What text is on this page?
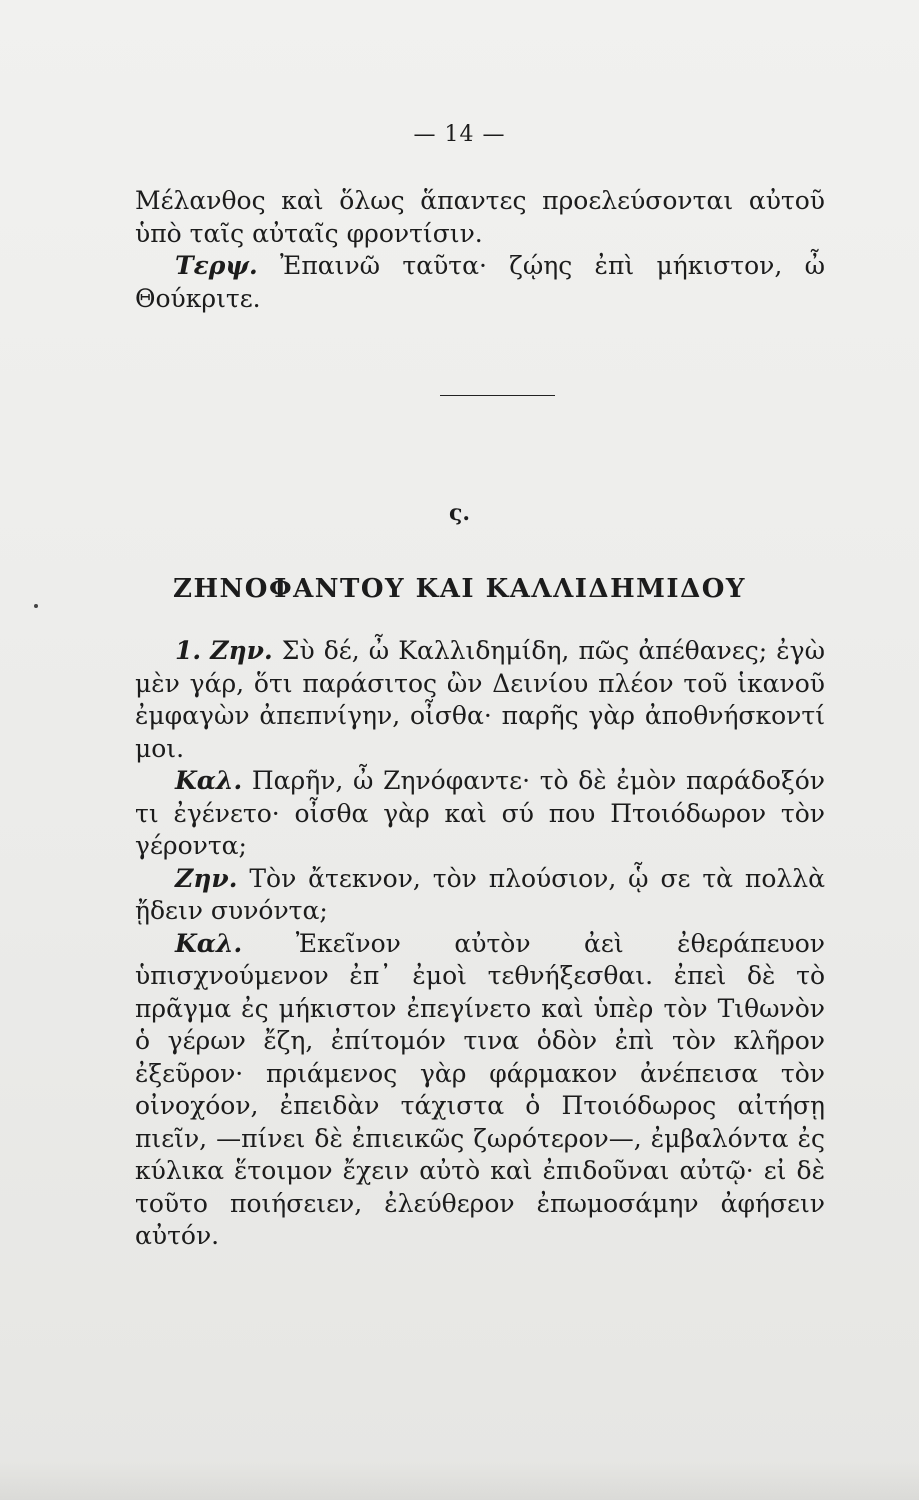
— 14 —

Μέλανθος καὶ ὅλως ἅπαντες προελεύσονται αὐτοῦ ὑπὸ ταῖς αὐταῖς φροντίσιν.

Τερψ. Ἐπαινῶ ταῦτα· ζῴης ἐπὶ μήκιστον, ὦ Θούκριτε.

ς.
ΖΗΝΟΦΑΝΤΟΥ ΚΑΙ ΚΑΛΛΙΔΗΜΙΔΟΥ

1. Ζην. Σὺ δέ, ὦ Καλλιδημίδη, πῶς ἀπέθανες; ἐγὼ μὲν γάρ, ὅτι παράσιτος ὢν Δεινίου πλέον τοῦ ἱκανοῦ ἐμφαγὼν ἀπεπνίγην, οἶσθα· παρῆς γὰρ ἀποθνήσκοντί μοι.

Καλ. Παρῆν, ὦ Ζηνόφαντε· τὸ δὲ ἐμὸν παράδοξόν τι ἐγένετο· οἶσθα γὰρ καὶ σύ που Πτοιόδωρον τὸν γέροντα;

Ζην. Τὸν ἄτεκνον, τὸν πλούσιον, ᾧ σε τὰ πολλὰ ᾔδειν συνόντα;

Καλ. Ἐκεῖνον αὐτὸν ἀεὶ ἐθεράπευον ὑπισχνούμενον ἐπ᾽ ἐμοὶ τεθνήξεσθαι. ἐπεὶ δὲ τὸ πρᾶγμα ἐς μήκιστον ἐπεγίνετο καὶ ὑπὲρ τὸν Τιθωνὸν ὁ γέρων ἔζη, ἐπίτομόν τινα ὁδὸν ἐπὶ τὸν κλῆρον ἐξεῦρον· πριάμενος γὰρ φάρμακον ἀνέπεισα τὸν οἰνοχόον, ἐπειδὰν τάχιστα ὁ Πτοιόδωρος αἰτήσῃ πιεῖν, —πίνει δὲ ἐπιεικῶς ζωρότερον—, ἐμβαλόντα ἐς κύλικα ἕτοιμον ἔχειν αὐτὸ καὶ ἐπιδοῦναι αὐτῷ· εἰ δὲ τοῦτο ποιήσειεν, ἐλεύθερον ἐπωμοσάμην ἀφήσειν αὐτόν.
